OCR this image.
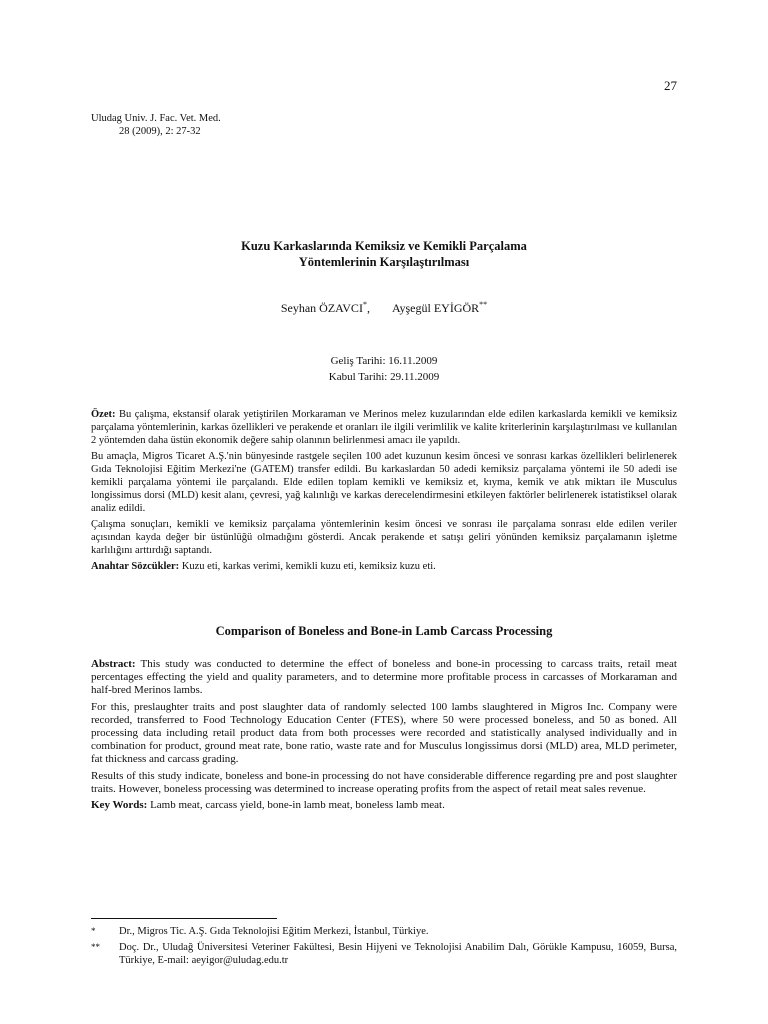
27
Uludag Univ. J. Fac. Vet. Med.
28 (2009), 2: 27-32
Kuzu Karkaslarında Kemiksiz ve Kemikli Parçalama
Yöntemlerinin Karşılaştırılması
Seyhan ÖZAVCI*, Ayşegül EYİGÖR**
Geliş Tarihi: 16.11.2009
Kabul Tarihi: 29.11.2009

Özet: Bu çalışma, ekstansif olarak yetiştirilen Morkaraman ve Merinos melez kuzularından elde edilen karkaslarda kemikli ve kemiksiz parçalama yöntemlerinin, karkas özellikleri ve perakende et oranları ile ilgili verimlilik ve kalite kriterlerinin karşılaştırılması ve kullanılan 2 yöntemden daha üstün ekonomik değere sahip olanının belirlenmesi amacı ile yapıldı.

Bu amaçla, Migros Ticaret A.Ş.'nin bünyesinde rastgele seçilen 100 adet kuzunun kesim öncesi ve sonrası karkas özellikleri belirlenerek Gıda Teknolojisi Eğitim Merkezi'ne (GATEM) transfer edildi. Bu karkaslardan 50 adedi kemiksiz parçalama yöntemi ile 50 adedi ise kemikli parçalama yöntemi ile parçalandı. Elde edilen toplam kemikli ve kemiksiz et, kıyma, kemik ve atık miktarı ile Musculus longissimus dorsi (MLD) kesit alanı, çevresi, yağ kalınlığı ve karkas derecelendirmesini etkileyen faktörler belirlenerek istatistiksel olarak analiz edildi.

Çalışma sonuçları, kemikli ve kemiksiz parçalama yöntemlerinin kesim öncesi ve sonrası ile parçalama sonrası elde edilen veriler açısından kayda değer bir üstünlüğü olmadığını gösterdi. Ancak perakende et satışı geliri yönünden kemiksiz parçalamanın işletme karlılığını arttırdığı saptandı.

Anahtar Sözcükler: Kuzu eti, karkas verimi, kemikli kuzu eti, kemiksiz kuzu eti.

Comparison of Boneless and Bone-in Lamb Carcass Processing

Abstract: This study was conducted to determine the effect of boneless and bone-in processing to carcass traits, retail meat percentages effecting the yield and quality parameters, and to determine more profitable process in carcasses of Morkaraman and half-bred Merinos lambs.

For this, preslaughter traits and post slaughter data of randomly selected 100 lambs slaughtered in Migros Inc. Company were recorded, transferred to Food Technology Education Center (FTES), where 50 were processed boneless, and 50 as boned. All processing data including retail product data from both processes were recorded and statistically analysed individually and in combination for product, ground meat rate, bone ratio, waste rate and for Musculus longissimus dorsi (MLD) area, MLD perimeter, fat thickness and carcass grading.

Results of this study indicate, boneless and bone-in processing do not have considerable difference regarding pre and post slaughter traits. However, boneless processing was determined to increase operating profits from the aspect of retail meat sales revenue.

Key Words: Lamb meat, carcass yield, bone-in lamb meat, boneless lamb meat.

*	Dr., Migros Tic. A.Ş. Gıda Teknolojisi Eğitim Merkezi, İstanbul, Türkiye.
**	Doç. Dr., Uludağ Üniversitesi Veteriner Fakültesi, Besin Hijyeni ve Teknolojisi Anabilim Dalı, Görükle Kampusu, 16059, Bursa, Türkiye, E-mail: aeyigor@uludag.edu.tr
